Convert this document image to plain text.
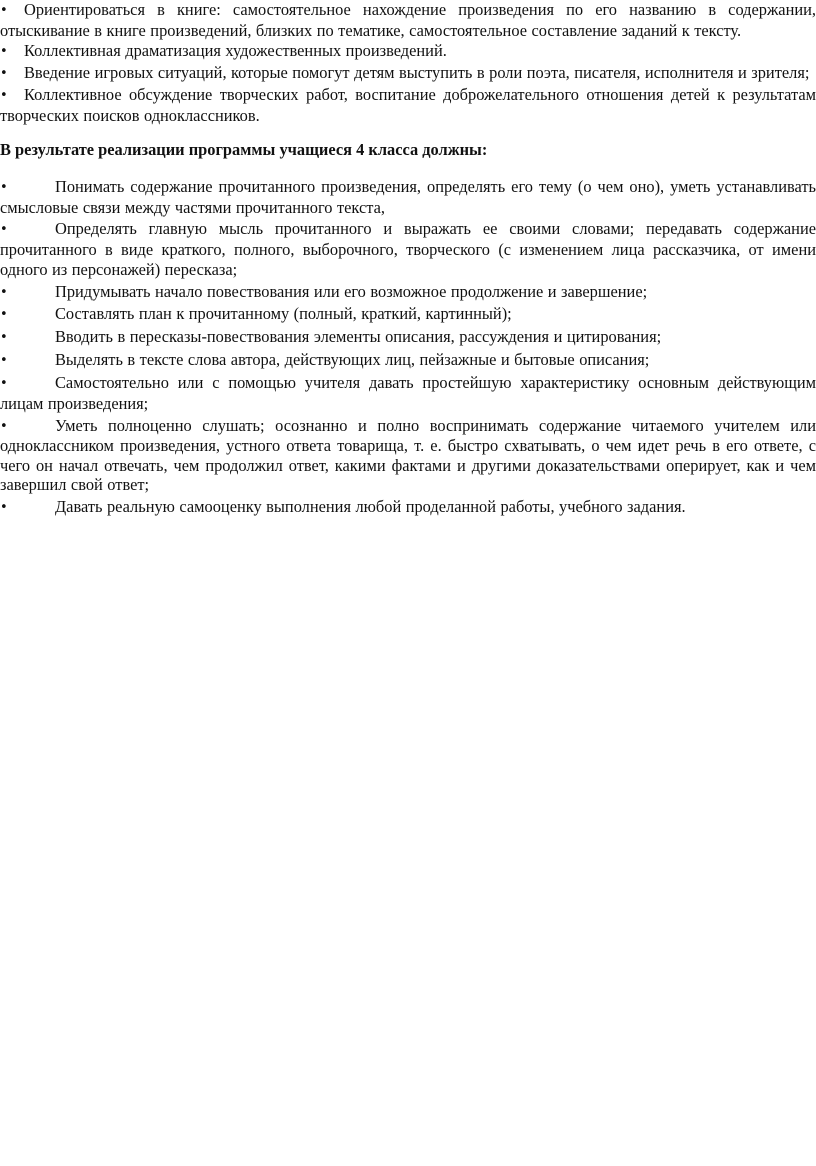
• Ориентироваться в книге: самостоятельное нахождение произведения по его названию в содержании, отыскивание в книге произведений, близких по тематике, самостоятельное составление заданий к тексту.
• Коллективная драматизация художественных произведений.
• Введение игровых ситуаций, которые помогут детям выступить в роли поэта, писателя, исполнителя и зрителя;
• Коллективное обсуждение творческих работ, воспитание доброжелательного отношения детей к результатам творческих поисков одноклассников.

В результате реализации программы учащиеся 4 класса должны:

•	Понимать содержание прочитанного произведения, определять его тему (о чем оно), уметь устанавливать смысловые связи между частями прочитанного текста,
•	Определять главную мысль прочитанного и выражать ее своими словами; передавать содержание прочитанного в виде краткого, полного, выборочного, творческого (с изменением лица рассказчика, от имени одного из персонажей) пересказа;
•	Придумывать начало повествования или его возможное продолжение и завершение;
•	Составлять план к прочитанному (полный, краткий, картинный);
•	Вводить в пересказы-повествования элементы описания, рассуждения и цитирования;
•	Выделять в тексте слова автора, действующих лиц, пейзажные и бытовые описания;
•	Самостоятельно или с помощью учителя давать простейшую характеристику основным действующим лицам произведения;
•	Уметь полноценно слушать; осознанно и полно воспринимать содержание читаемого учителем или одноклассником произведения, устного ответа товарища, т. е. быстро схватывать, о чем идет речь в его ответе, с чего он начал отвечать, чем продолжил ответ, какими фактами и другими доказательствами оперирует, как и чем завершил свой ответ;
•	Давать реальную самооценку выполнения любой проделанной работы, учебного задания.
